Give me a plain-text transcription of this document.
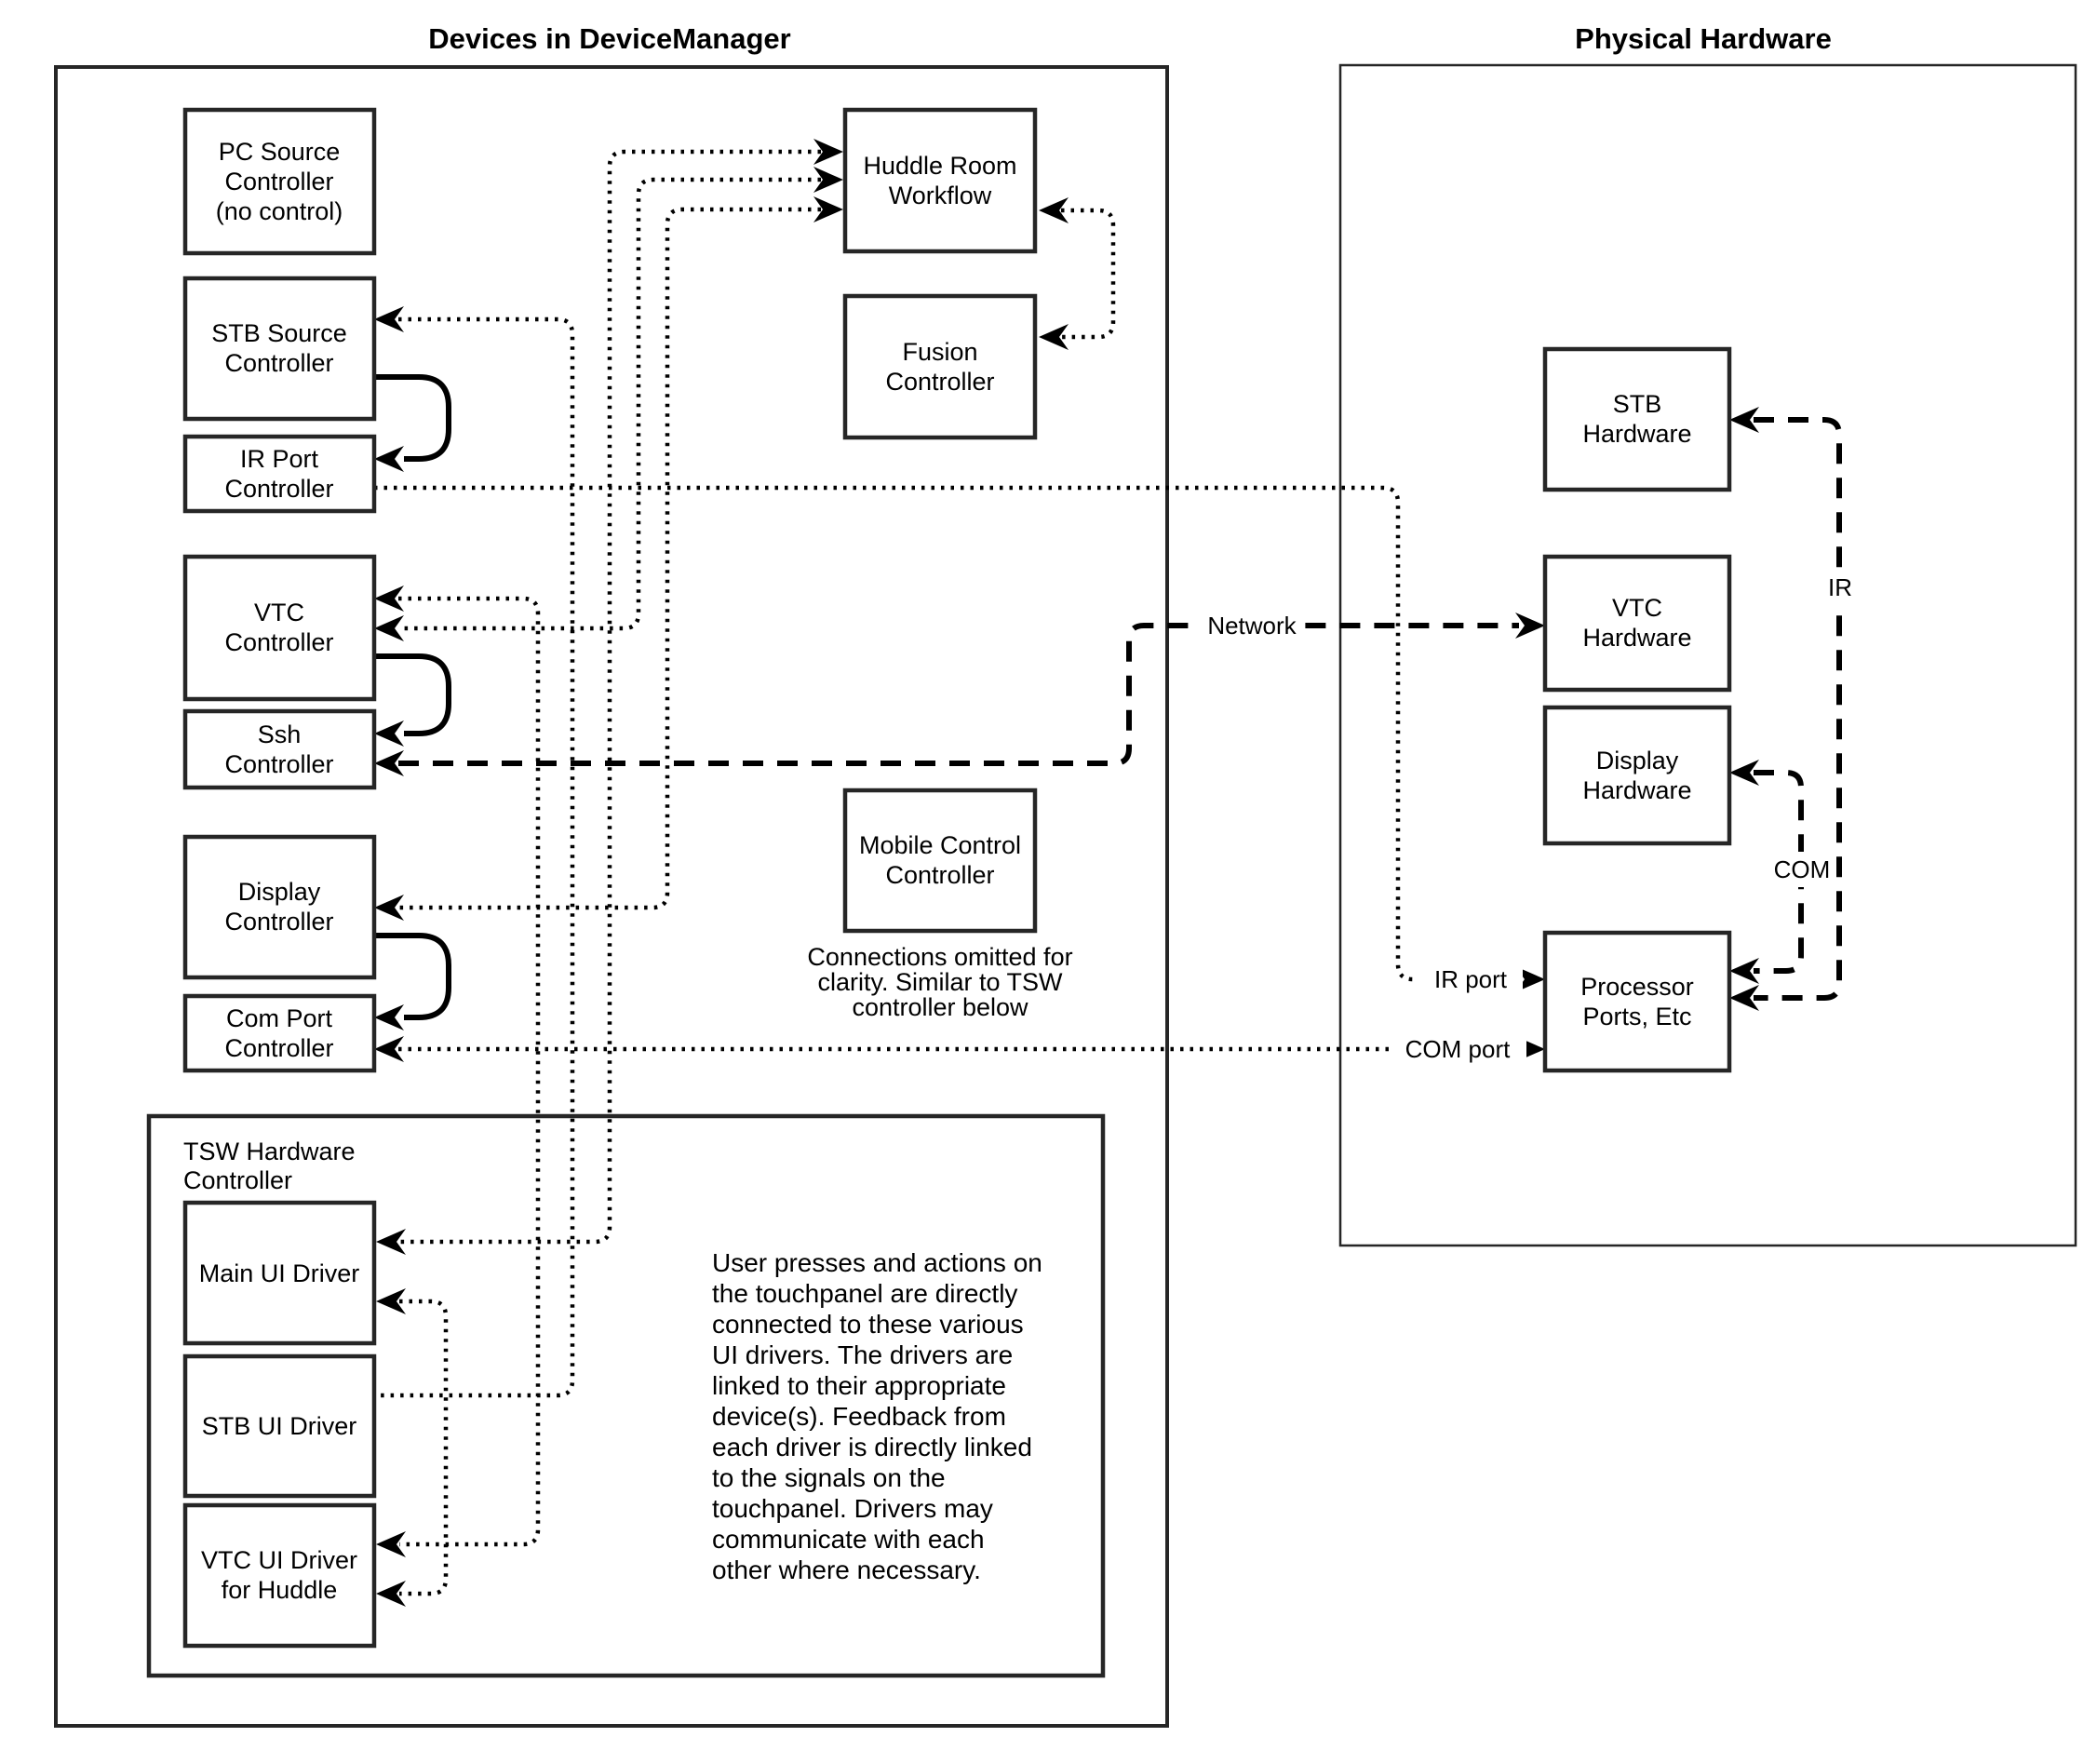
Devices in DeviceManager	Physical Hardware
IR port
COM port
Network
IR
COM
PC Source
Controller
(no control)
STB Source
Controller
IR Port
Controller
VTC
Controller
Ssh
Controller
Display
Controller
Com Port
Controller
Huddle Room
Workflow
Fusion
Controller
Mobile Control
Controller
Connections omitted for
clarity. Similar to TSW
controller below
TSW Hardware
Controller
Main UI Driver
STB UI Driver
VTC UI Driver
for Huddle
User presses and actions on
the touchpanel are directly
connected to these various
UI drivers. The drivers are
linked to their appropriate
device(s). Feedback from
each driver is directly linked
to the signals on the
touchpanel. Drivers may
communicate with each
other where necessary.
STB
Hardware
VTC
Hardware
Display
Hardware
Processor
Ports, Etc
